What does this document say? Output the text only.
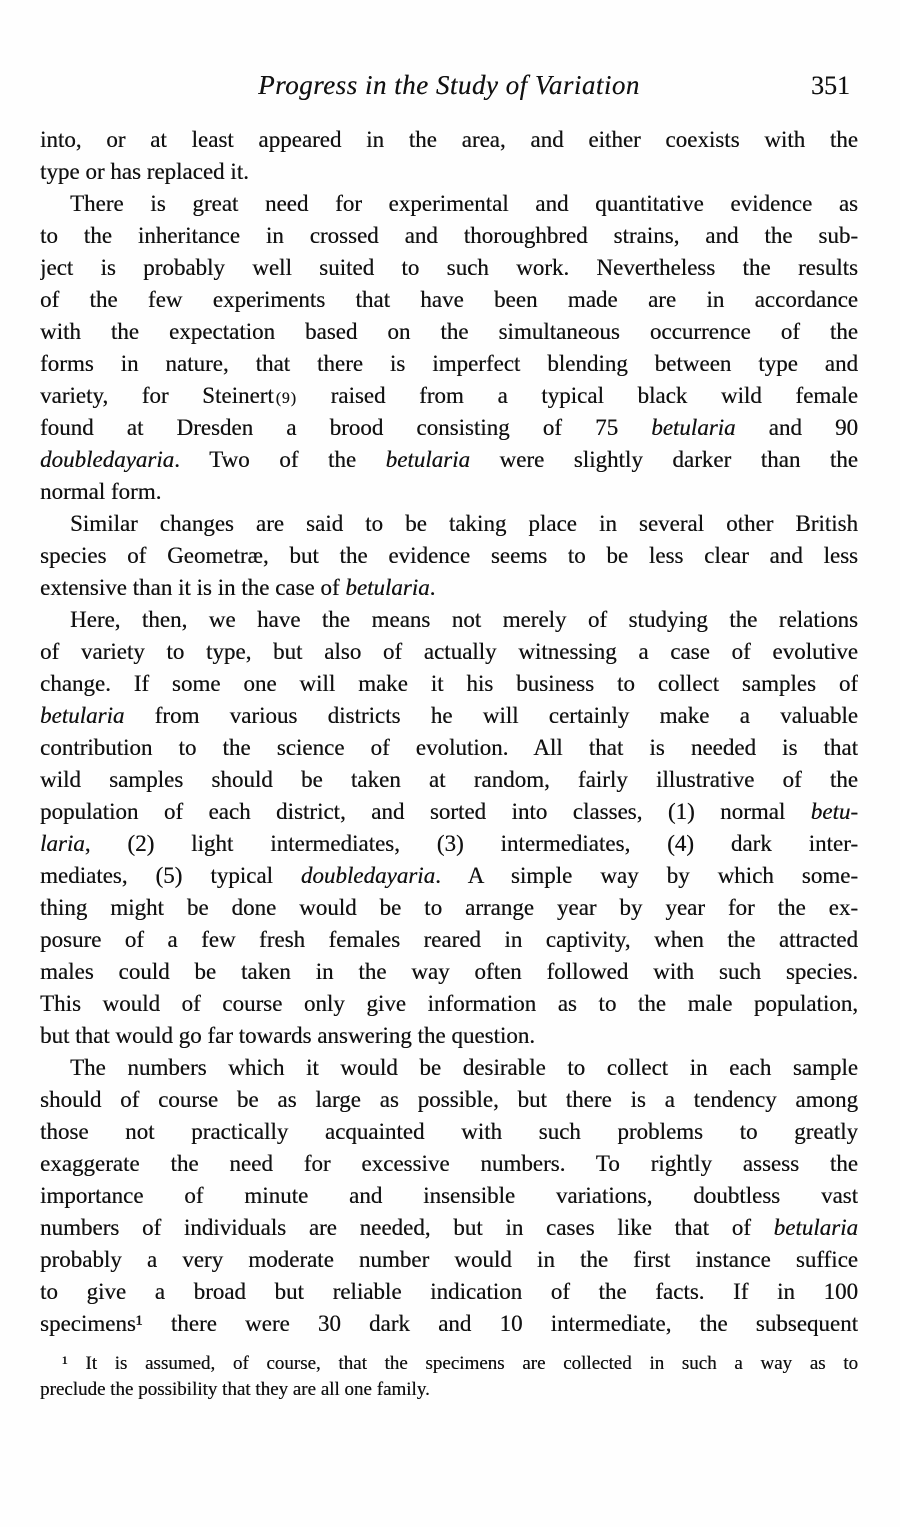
Progress in the Study of Variation	351
into, or at least appeared in the area, and either coexists with the
type or has replaced it.
There is great need for experimental and quantitative evidence as
to the inheritance in crossed and thoroughbred strains, and the sub-
ject is probably well suited to such work. Nevertheless the results
of the few experiments that have been made are in accordance
with the expectation based on the simultaneous occurrence of the
forms in nature, that there is imperfect blending between type and
variety, for Steinert (9) raised from a typical black wild female
found at Dresden a brood consisting of 75 betularia and 90
doubledayaria. Two of the betularia were slightly darker than the
normal form.
Similar changes are said to be taking place in several other British
species of Geometræ, but the evidence seems to be less clear and less
extensive than it is in the case of betularia.
Here, then, we have the means not merely of studying the relations
of variety to type, but also of actually witnessing a case of evolutive
change. If some one will make it his business to collect samples of
betularia from various districts he will certainly make a valuable
contribution to the science of evolution. All that is needed is that
wild samples should be taken at random, fairly illustrative of the
population of each district, and sorted into classes, (1) normal betu-
laria, (2) light intermediates, (3) intermediates, (4) dark inter-
mediates, (5) typical doubledayaria. A simple way by which some-
thing might be done would be to arrange year by year for the ex-
posure of a few fresh females reared in captivity, when the attracted
males could be taken in the way often followed with such species.
This would of course only give information as to the male population,
but that would go far towards answering the question.
The numbers which it would be desirable to collect in each sample
should of course be as large as possible, but there is a tendency among
those not practically acquainted with such problems to greatly
exaggerate the need for excessive numbers. To rightly assess the
importance of minute and insensible variations, doubtless vast
numbers of individuals are needed, but in cases like that of betularia
probably a very moderate number would in the first instance suffice
to give a broad but reliable indication of the facts. If in 100
specimens¹ there were 30 dark and 10 intermediate, the subsequent
¹ It is assumed, of course, that the specimens are collected in such a way as to
preclude the possibility that they are all one family.
